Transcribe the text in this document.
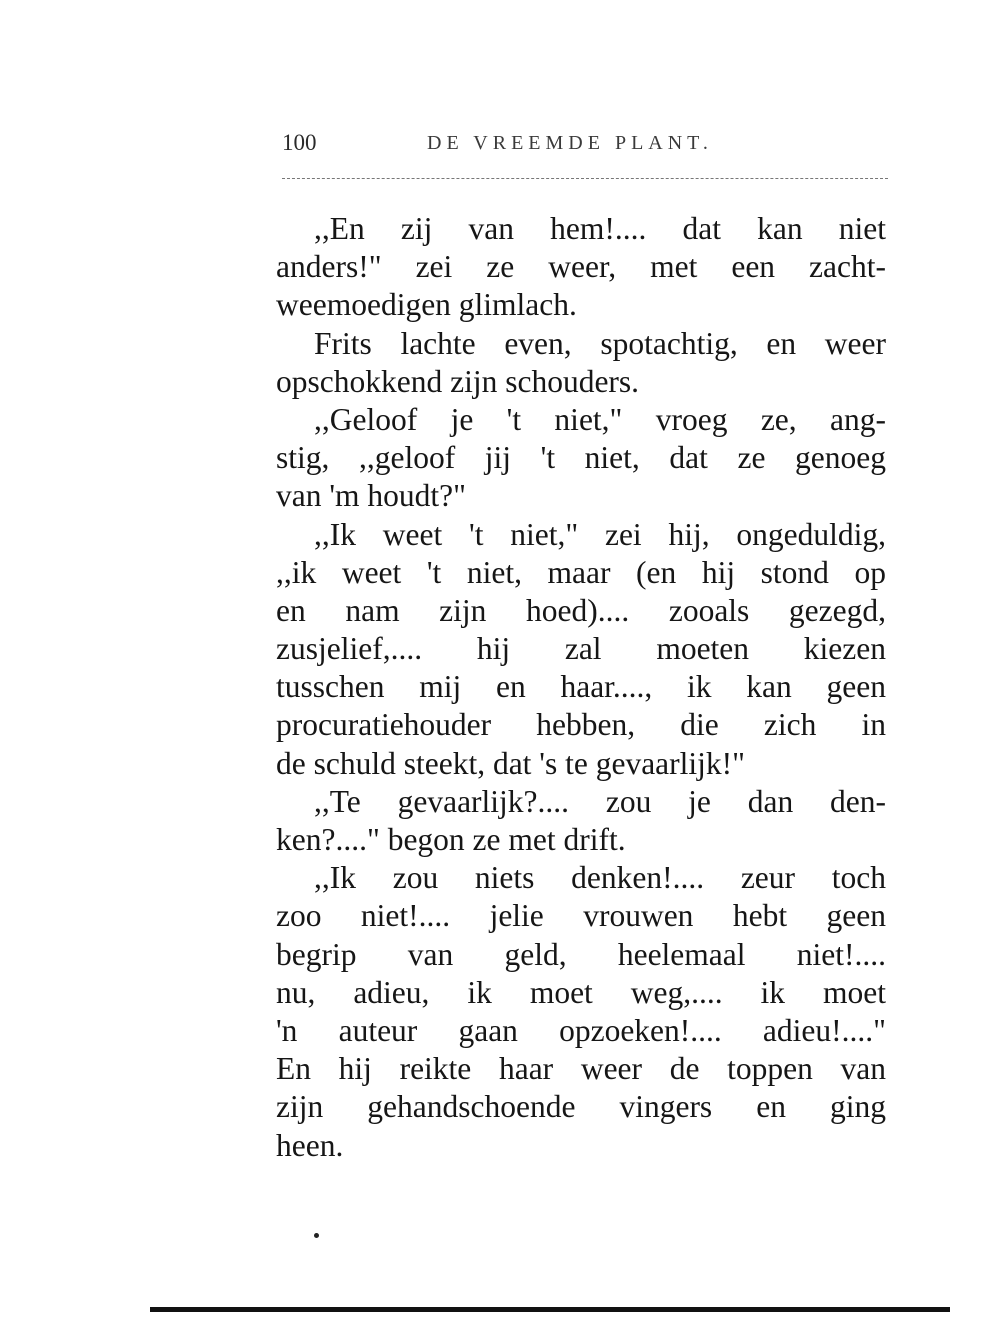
100	DE VREEMDE PLANT.
,,En zij van hem!.... dat kan niet
anders!" zei ze weer, met een zacht-
weemoedigen glimlach.
Frits lachte even, spotachtig, en weer
opschokkend zijn schouders.
,,Geloof je 't niet," vroeg ze, ang-
stig, ,,geloof jij 't niet, dat ze genoeg
van 'm houdt?"
,,Ik weet 't niet," zei hij, ongeduldig,
,,ik weet 't niet, maar (en hij stond op
en nam zijn hoed).... zooals gezegd,
zusjelief,.... hij zal moeten kiezen
tusschen mij en haar...., ik kan geen
procuratiehouder hebben, die zich in
de schuld steekt, dat 's te gevaarlijk!"
,,Te gevaarlijk?.... zou je dan den-
ken?...." begon ze met drift.
,,Ik zou niets denken!.... zeur toch
zoo niet!.... jelie vrouwen hebt geen
begrip van geld, heelemaal niet!....
nu, adieu, ik moet weg,.... ik moet
'n auteur gaan opzoeken!.... adieu!...."
En hij reikte haar weer de toppen van
zijn gehandschoende vingers en ging
heen.
